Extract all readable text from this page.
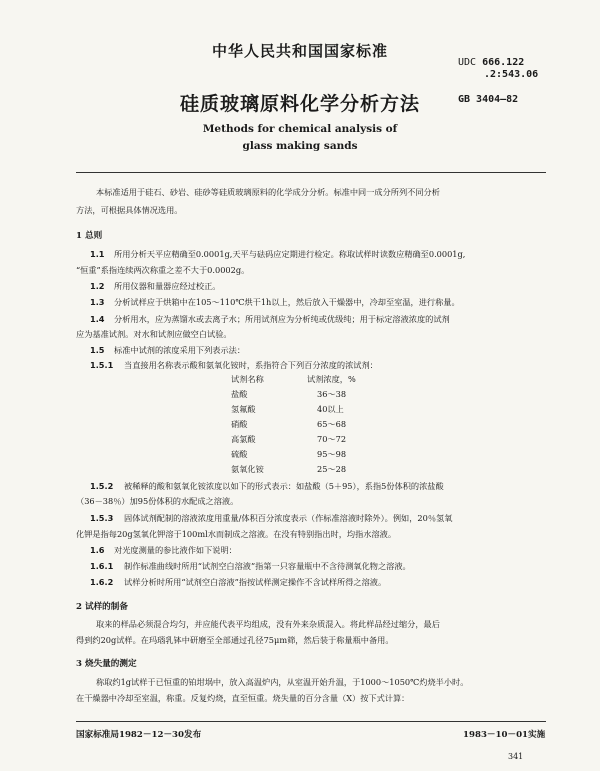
中华人民共和国国家标准
UDC 666.122
.2:543.06
硅质玻璃原料化学分析方法	GB 3404—82
Methods for chemical analysis of
glass making sands
本标准适用于硅石、砂岩、硅砂等硅质玻璃原料的化学成分分析。标准中同一成分所列不同分析
方法，可根据具体情况选用。
1 总则
1.1 所用分析天平应精确至0.0001g,天平与砝码应定期进行检定。称取试样时读数应精确至0.0001g,
“恒重”系指连续两次称重之差不大于0.0002g。
1.2 所用仪器和量器应经过校正。
1.3 分析试样应于烘箱中在105～110℃烘干1h以上，然后放入干燥器中，冷却至室温，进行称量。
1.4 分析用水，应为蒸馏水或去离子水；所用试剂应为分析纯或优级纯；用于标定溶液浓度的试剂
应为基准试剂。对水和试剂应做空白试验。
1.5 标准中试剂的浓度采用下列表示法：
1.5.1 当直接用名称表示酸和氨氧化铵时，系指符合下列百分浓度的浓试剂：
试剂名称	试剂浓度，%
盐酸	36～38
氢氟酸	40以上
硝酸	65～68
高氯酸	70～72
硫酸	95～98
氨氧化铵	25～28
1.5.2 被稀释的酸和氨氧化铵浓度以如下的形式表示：如盐酸（5＋95），系指5份体积的浓盐酸
（36－38％）加95份体积的水配成之溶液。
1.5.3 固体试剂配制的溶液浓度用重量/体积百分浓度表示（作标准溶液时除外）。例如，20％氢氧
化钾是指每20g氢氧化钾溶于100ml水而制成之溶液。在没有特别指出时，均指水溶液。
1.6 对光度测量的参比液作如下说明：
1.6.1 制作标准曲线时所用“试剂空白溶液”指第一只容量瓶中不含待测氧化物之溶液。
1.6.2 试样分析时所用“试剂空白溶液”指按试样测定操作不含试样所得之溶液。
2 试样的制备
取来的样品必须混合均匀，并应能代表平均组成，没有外来杂质混入。将此样品经过缩分，最后
得到约20g试样。在玛瑙乳钵中研磨至全部通过孔径75μm筛，然后装于称量瓶中备用。
3 烧失量的测定
称取约1g试样于已恒重的铂坩埚中，放入高温炉内，从室温开始升温，于1000～1050℃灼烧半小时。
在干燥器中冷却至室温，称重。反复灼烧，直至恒重。烧失量的百分含量（X）按下式计算：
国家标准局1982－12－30发布	1983－10－01实施
341
